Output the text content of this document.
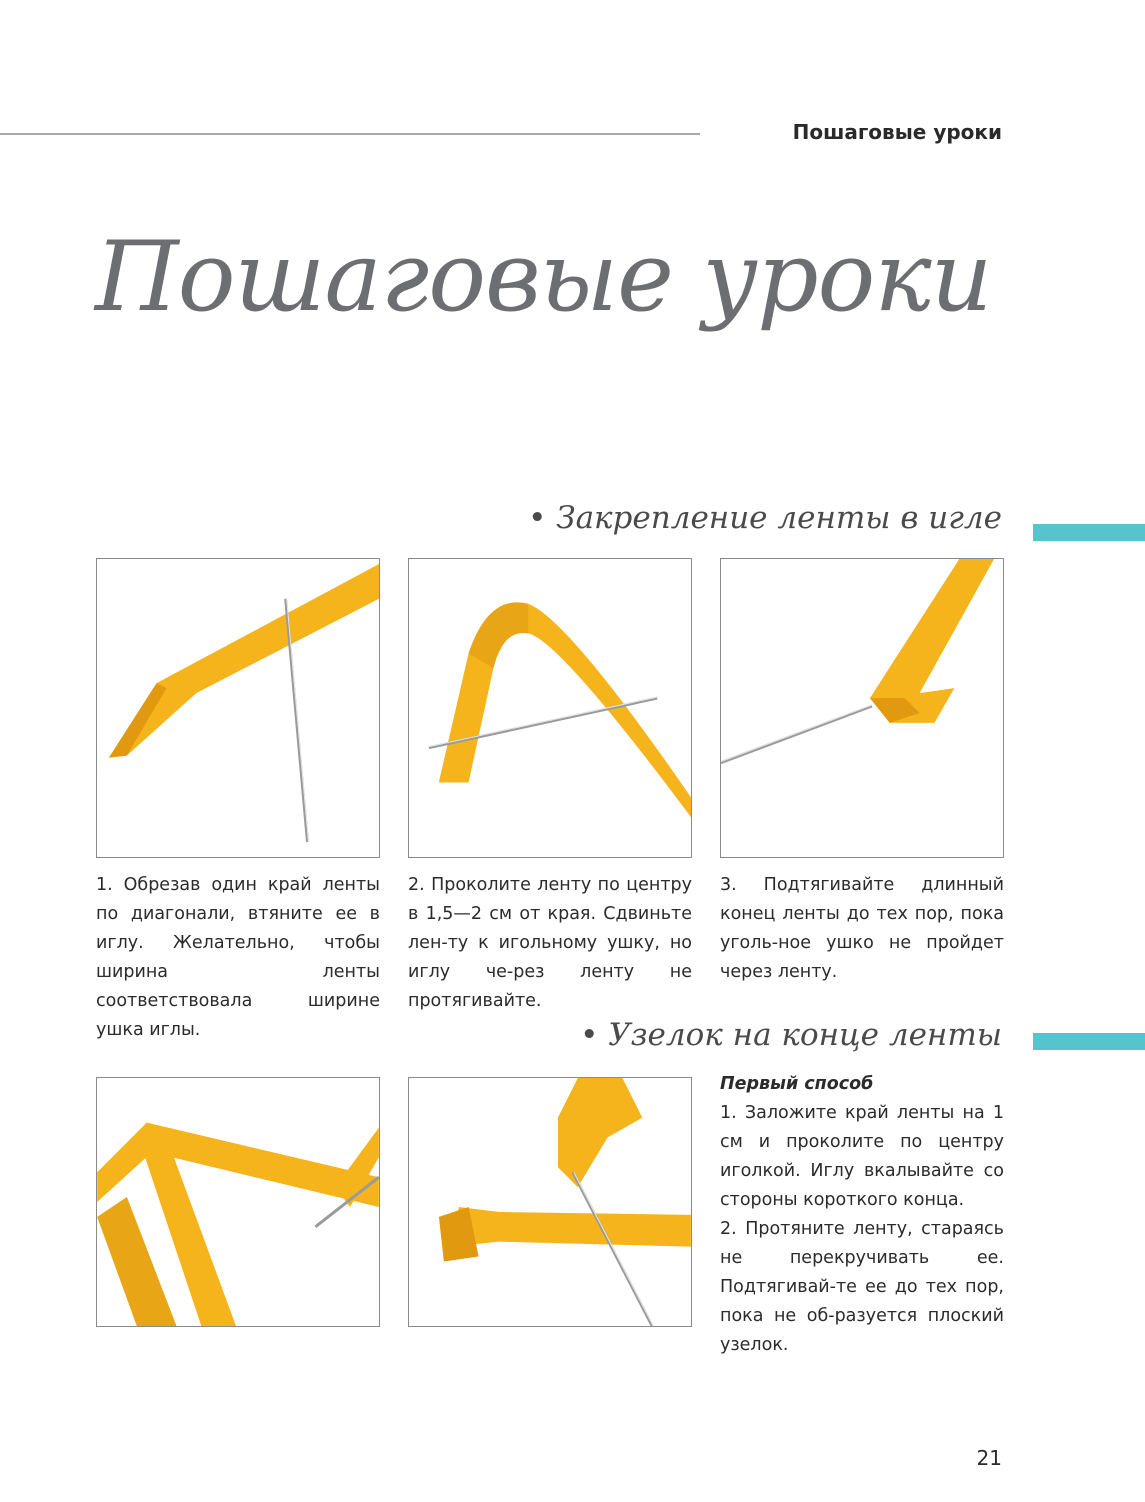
Пошаговые уроки
Пошаговые уроки
• Закрепление ленты в игле

1. Обрезав один край ленты по диагонали, втяните ее в иглу. Желательно, чтобы ширина ленты соответствовала ширине ушка иглы.

2. Проколите ленту по центру в 1,5—2 см от края. Сдвиньте лен-ту к игольному ушку, но иглу че-рез ленту не протягивайте.

3. Подтягивайте длинный конец ленты до тех пор, пока уголь-ное ушко не пройдет через ленту.

• Узелок на конце ленты

Первый способ

1. Заложите край ленты на 1 см и проколите по центру иголкой. Иглу вкалывайте со стороны короткого конца.

2. Протяните ленту, стараясь не перекручивать ее. Подтягивай-те ее до тех пор, пока не об-разуется плоский узелок.

21
